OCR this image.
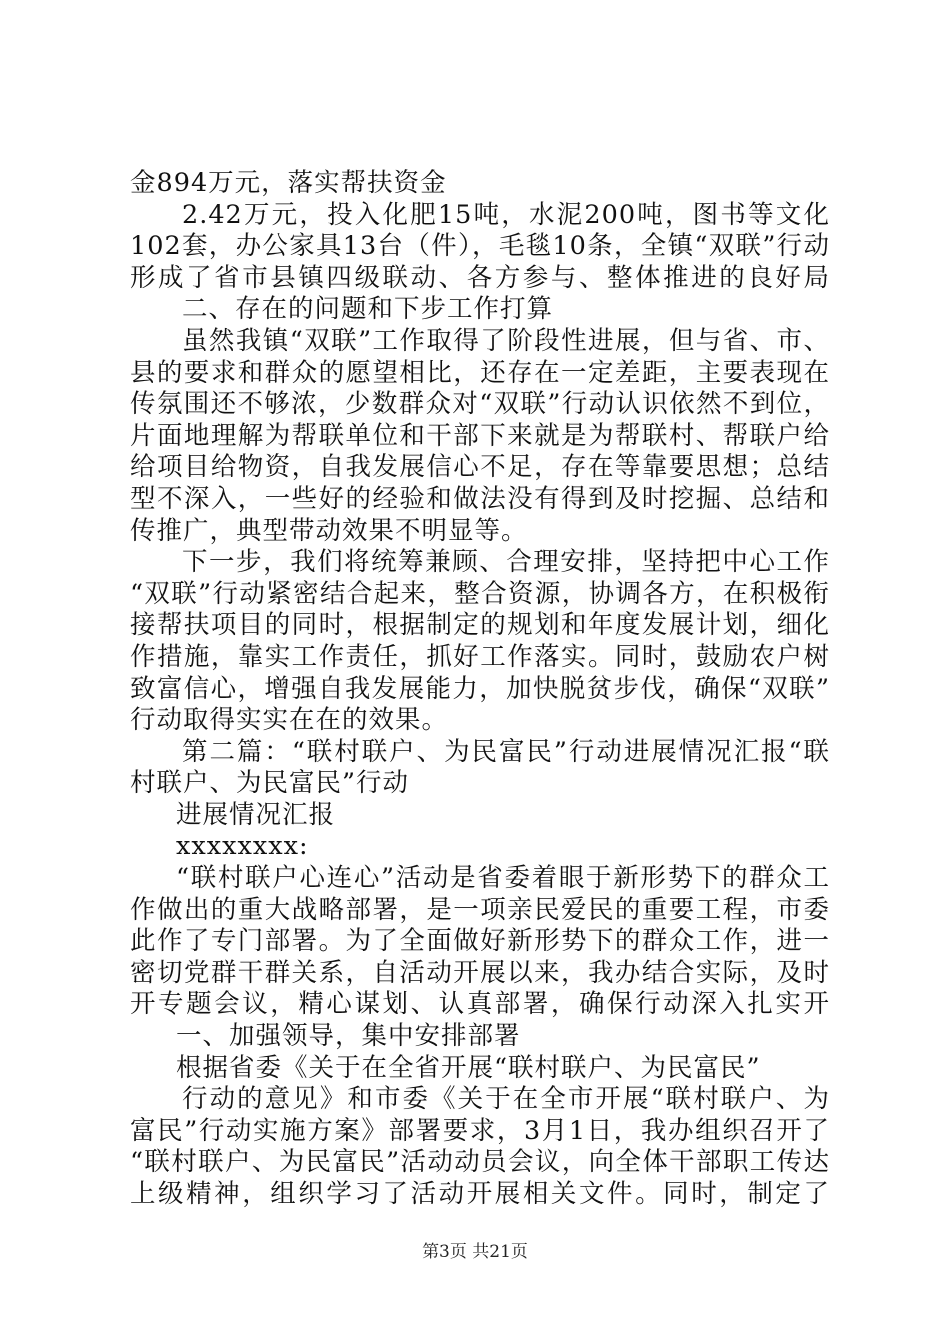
金894万元，落实帮扶资金
2.42万元，投入化肥15吨，水泥200吨，图书等文化
102套，办公家具13台（件），毛毯10条，全镇“双联”行动
形成了省市县镇四级联动、各方参与、整体推进的良好局
二、存在的问题和下步工作打算
虽然我镇“双联”工作取得了阶段性进展，但与省、市、
县的要求和群众的愿望相比，还存在一定差距，主要表现在
传氛围还不够浓，少数群众对“双联”行动认识依然不到位，
片面地理解为帮联单位和干部下来就是为帮联村、帮联户给
给项目给物资，自我发展信心不足，存在等靠要思想；总结
型不深入，一些好的经验和做法没有得到及时挖掘、总结和
传推广，典型带动效果不明显等。
下一步，我们将统筹兼顾、合理安排，坚持把中心工作
“双联”行动紧密结合起来，整合资源，协调各方，在积极衔
接帮扶项目的同时，根据制定的规划和年度发展计划，细化
作措施，靠实工作责任，抓好工作落实。同时，鼓励农户树
致富信心，增强自我发展能力，加快脱贫步伐，确保“双联”
行动取得实实在在的效果。
第二篇：“联村联户、为民富民”行动进展情况汇报“联
村联户、为民富民”行动
进展情况汇报
xxxxxxxx:
“联村联户心连心”活动是省委着眼于新形势下的群众工
作做出的重大战略部署，是一项亲民爱民的重要工程，市委
此作了专门部署。为了全面做好新形势下的群众工作，进一
密切党群干群关系，自活动开展以来，我办结合实际，及时
开专题会议，精心谋划、认真部署，确保行动深入扎实开
一、加强领导，集中安排部署
根据省委《关于在全省开展“联村联户、为民富民”
行动的意见》和市委《关于在全市开展“联村联户、为
富民”行动实施方案》部署要求，3月1日，我办组织召开了
“联村联户、为民富民”活动动员会议，向全体干部职工传达
上级精神，组织学习了活动开展相关文件。同时，制定了
第3页 共21页
